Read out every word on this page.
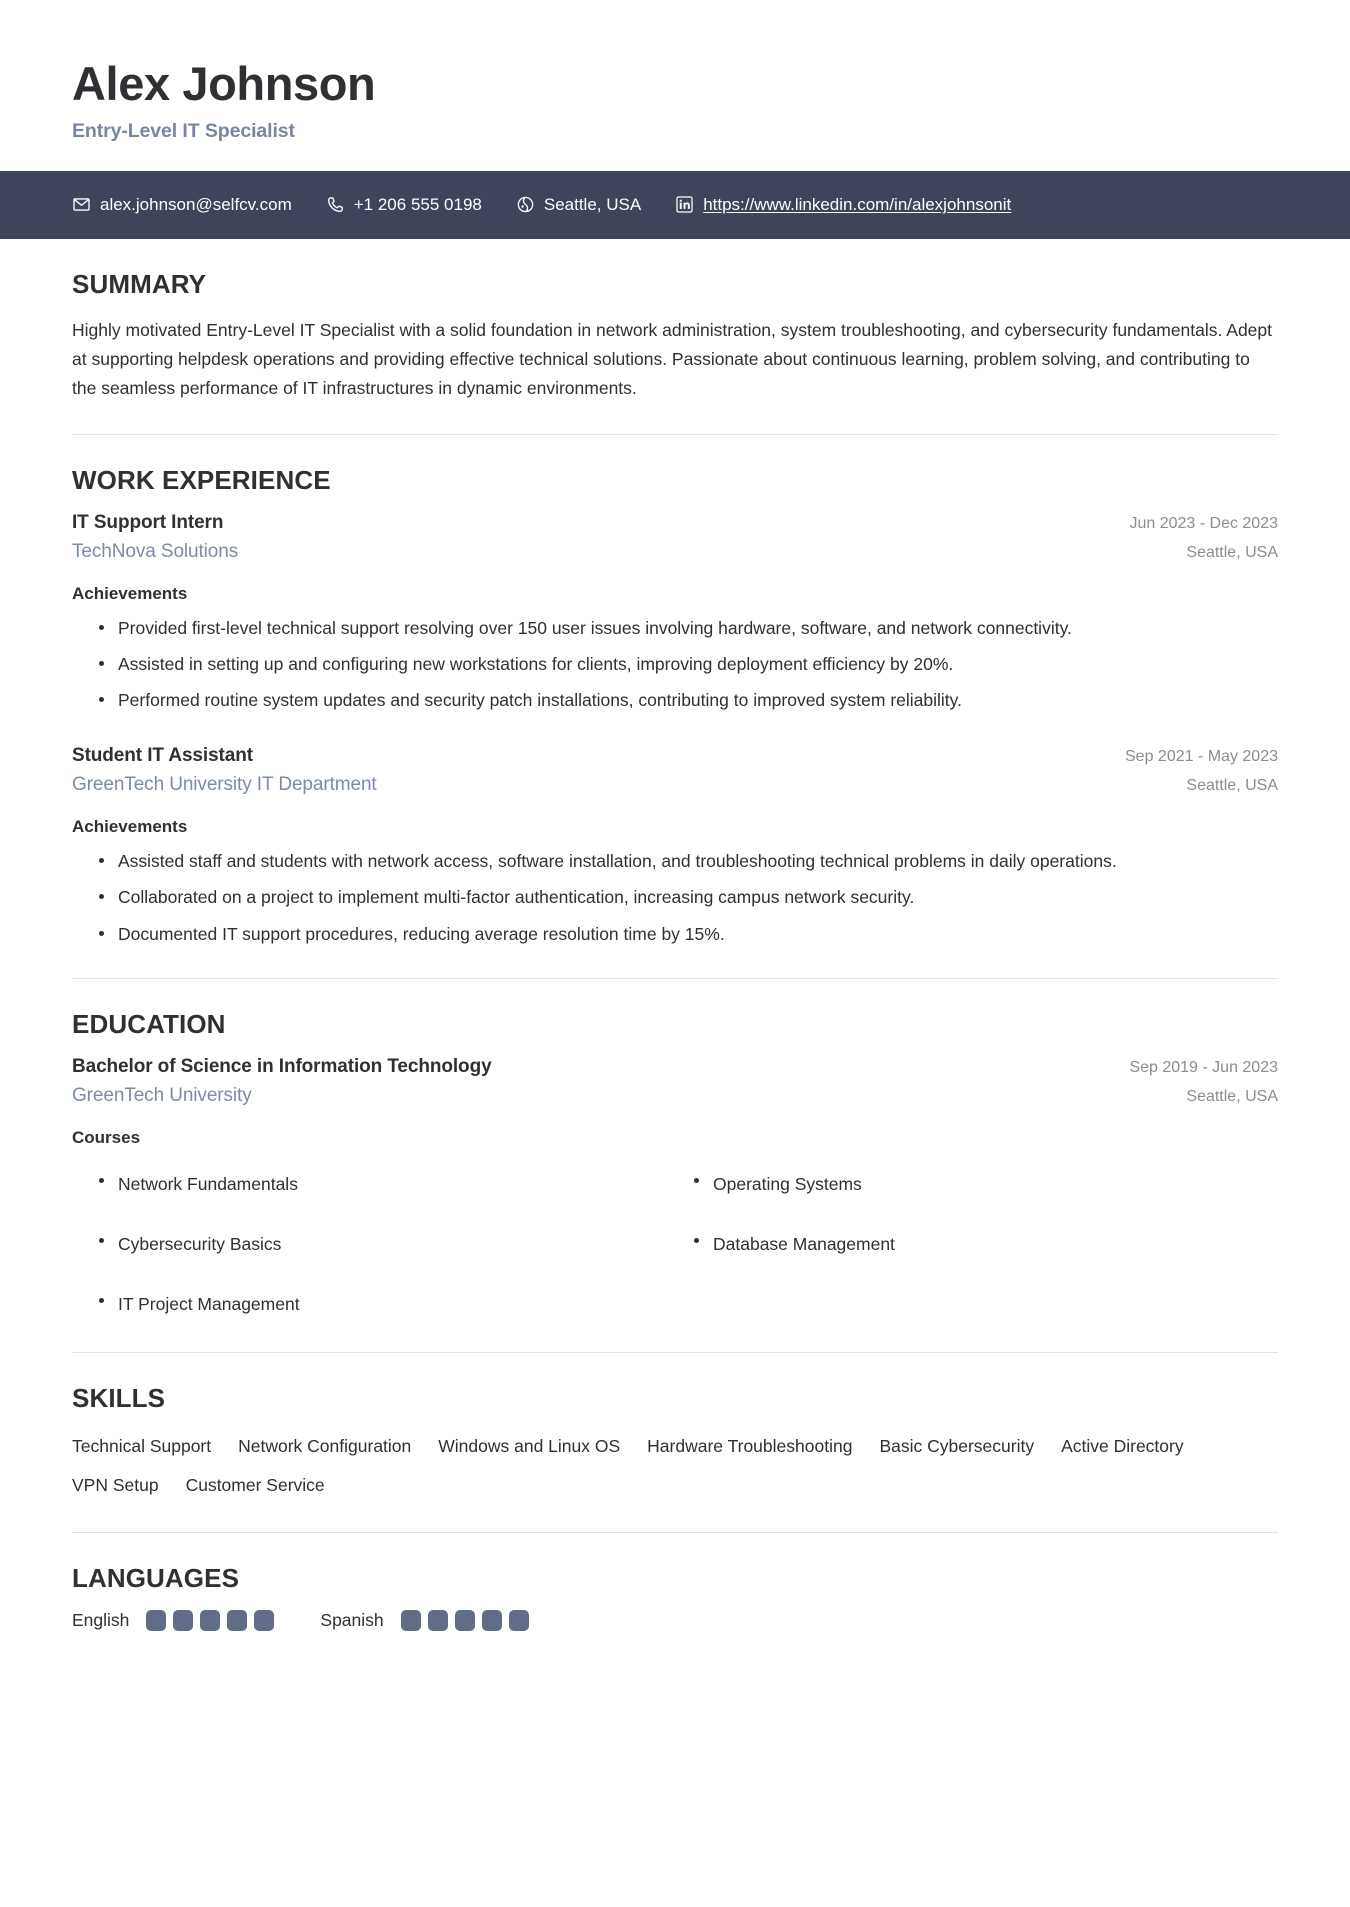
Alex Johnson
Entry-Level IT Specialist
alex.johnson@selfcv.com	+1 206 555 0198	Seattle, USA	https://www.linkedin.com/in/alexjohnsonit
SUMMARY
Highly motivated Entry-Level IT Specialist with a solid foundation in network administration, system troubleshooting, and cybersecurity fundamentals. Adept at supporting helpdesk operations and providing effective technical solutions. Passionate about continuous learning, problem solving, and contributing to the seamless performance of IT infrastructures in dynamic environments.
WORK EXPERIENCE
IT Support Intern	Jun 2023 - Dec 2023
TechNova Solutions	Seattle, USA
Achievements
Provided first-level technical support resolving over 150 user issues involving hardware, software, and network connectivity.
Assisted in setting up and configuring new workstations for clients, improving deployment efficiency by 20%.
Performed routine system updates and security patch installations, contributing to improved system reliability.
Student IT Assistant	Sep 2021 - May 2023
GreenTech University IT Department	Seattle, USA
Achievements
Assisted staff and students with network access, software installation, and troubleshooting technical problems in daily operations.
Collaborated on a project to implement multi-factor authentication, increasing campus network security.
Documented IT support procedures, reducing average resolution time by 15%.
EDUCATION
Bachelor of Science in Information Technology	Sep 2019 - Jun 2023
GreenTech University	Seattle, USA
Courses
Network Fundamentals
Cybersecurity Basics
Operating Systems
Database Management
IT Project Management
SKILLS
Technical Support Network Configuration Windows and Linux OS Hardware Troubleshooting Basic Cybersecurity Active Directory
VPN Setup Customer Service
LANGUAGES
English	Spanish
